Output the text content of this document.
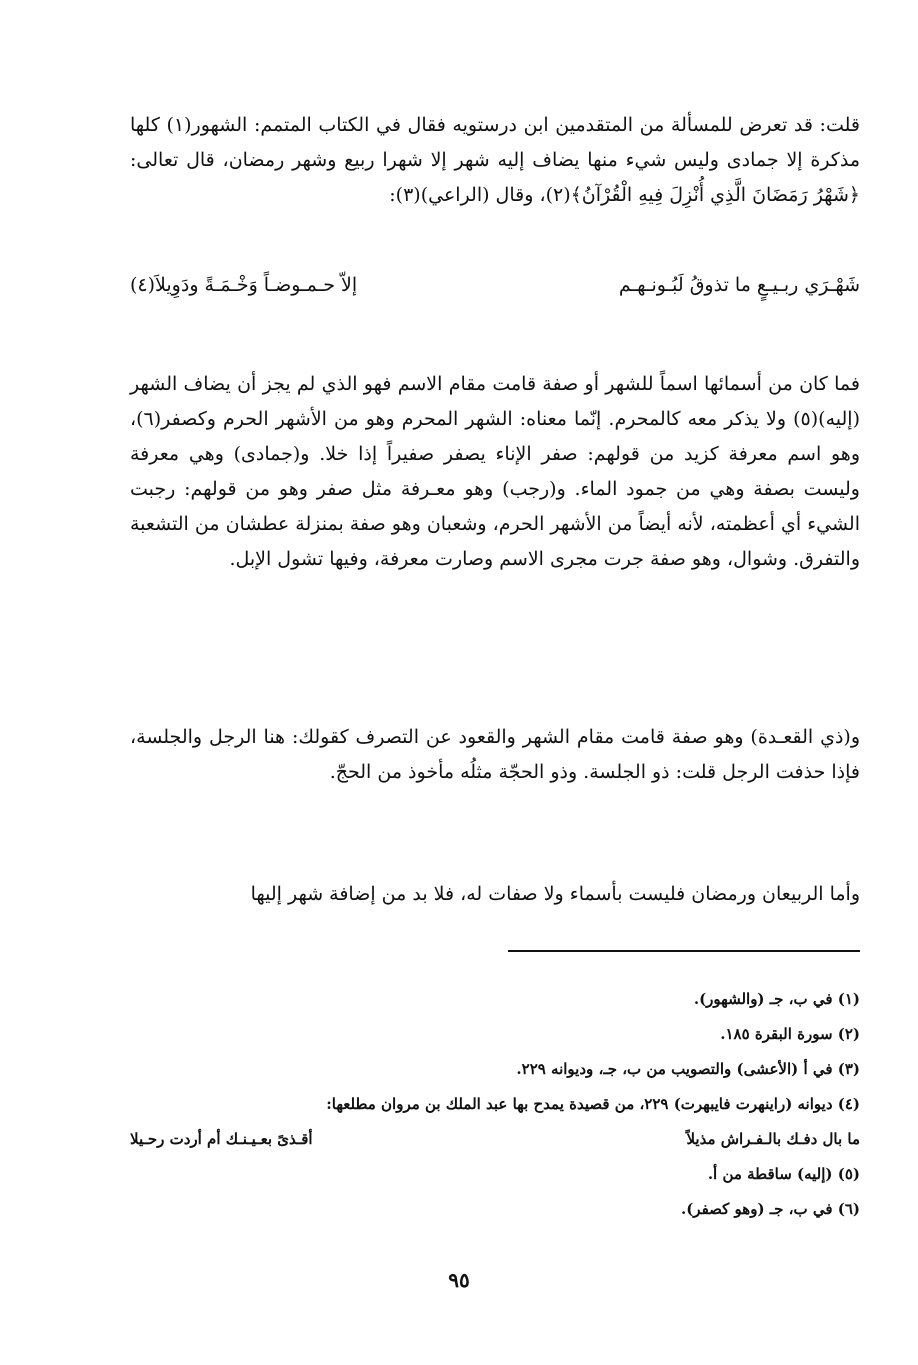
قلت: قد تعرض للمسألة من المتقدمين ابن درستويه فقال في الكتاب المتمم: الشهور(١) كلها مذكرة إلا جمادى وليس شيء منها يضاف إليه شهر إلا شهرا ربيع وشهر رمضان، قال تعالى: ﴿شَهْرُ رَمَضَانَ الَّذِي أُنْزِلَ فِيهِ الْقُرْآنُ﴾(٢)، وقال (الراعي)(٣):

شَهْـرَي ربـيـعٍ ما تذوقُ لَبُـونـهـم
إلاّ حـمـوضـاً وَخْـمَـةً ودَوِيلاَ(٤)

فما كان من أسمائها اسماً للشهر أو صفة قامت مقام الاسم فهو الذي لم يجز أن يضاف الشهر (إليه)(٥) ولا يذكر معه كالمحرم. إنّما معناه: الشهر المحرم وهو من الأشهر الحرم وكصفر(٦)، وهو اسم معرفة كزيد من قولهم: صفر الإناء يصفر صفيراً إذا خلا. و(جمادى) وهي معرفة وليست بصفة وهي من جمود الماء. و(رجب) وهو معـرفة مثل صفر وهو من قولهم: رجبت الشيء أي أعظمته، لأنه أيضاً من الأشهر الحرم، وشعبان وهو صفة بمنزلة عطشان من التشعبة والتفرق. وشوال، وهو صفة جرت مجرى الاسم وصارت معرفة، وفيها تشول الإبل.

و(ذي القعـدة) وهو صفة قامت مقام الشهر والقعود عن التصرف كقولك: هنا الرجل والجلسة، فإذا حذفت الرجل قلت: ذو الجلسة. وذو الحجّة مثلُه مأخوذ من الحجّ.

وأما الربيعان ورمضان فليست بأسماء ولا صفات له، فلا بد من إضافة شهر إليها

(١) في ب، جـ (والشهور).
(٢) سورة البقرة ١٨٥.
(٣) في أ (الأعشى) والتصويب من ب، جـ، وديوانه ٢٢٩.
(٤) ديوانه (راينهرت فايبهرت) ٢٢٩، من قصيدة يمدح بها عبد الملك بن مروان مطلعها:
ما بال دفـك بالـفـراش مذيلاً
أقـذىً بعـيـنـك أم أردت رحـيلا
(٥) (إليه) ساقطة من أ.
(٦) في ب، جـ (وهو كصفر).
٩٥
